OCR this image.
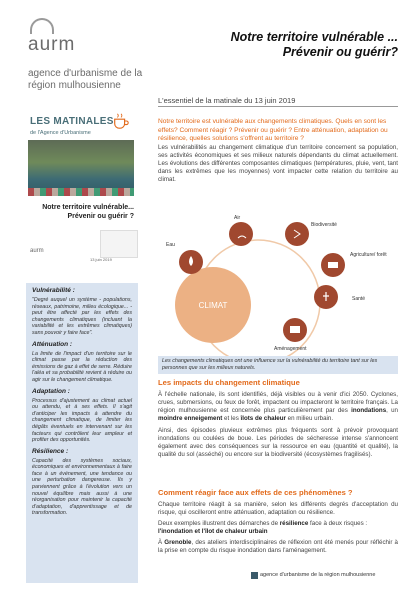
aurm
agence d'urbanisme de la région mulhousienne
Notre territoire vulnérable ...
Prévenir ou guérir?
L'essentiel de la matinale du 13 juin 2019
LES MATINALES
de l'Agence d'Urbanisme
Notre territoire vulnérable...
Prévenir ou guérir ?
aurm
13 juin 2019
Vulnérabilité :
"Degré auquel un système - populations, réseaux, patrimoine, milieu écologique... - peut être affecté par les effets des changements climatiques (incluant la variabilité et les extrêmes climatiques) sans pouvoir y faire face".
Atténuation :
La limite de l'impact d'un territoire sur le climat passe par la réduction des émissions de gaz à effet de serre. Réduire l'aléa et sa probabilité revient à réduire ou agir sur le changement climatique.
Adaptation :
Processus d'ajustement au climat actuel ou attendu, et à ses effets. Il s'agit d'anticiper les impacts à attendre du changement climatique, de limiter les dégâts éventuels en intervenant sur les facteurs qui contrôlent leur ampleur et profiter des opportunités.
Résilience :
Capacité des systèmes sociaux, économiques et environnementaux à faire face à un événement, une tendance ou une perturbation dangereuse. Ils y parviennent grâce à l'évolution vers un nouvel équilibre mais aussi à une réorganisation pour maintenir la capacité d'adaptation, d'apprentissage et de transformation.
Notre territoire est vulnérable aux changements climatiques. Quels en sont les effets? Comment réagir ? Prévenir ou guérir ? Entre atténuation, adaptation ou résilience, quelles solutions s'offrent au territoire ?
Les vulnérabilités au changement climatique d'un territoire concernent sa population, ses activités économiques et ses milieux naturels dépendants du climat actuellement. Les évolutions des différentes composantes climatiques (températures, pluie, vent, tant dans les extrêmes que les moyennes) vont impacter cette relation du territoire au climat.
CLIMAT
Air
Biodiversité
Eau
Agriculture/ forêt
Santé
Aménagement
Les changements climatiques ont une influence sur la vulnérabilité du territoire tant sur les personnes que sur les milieux naturels.
Les impacts du changement climatique
À l'échelle nationale, ils sont identifiés, déjà visibles ou à venir d'ici 2050. Cyclones, crues, submersions, ou feux de forêt, impactent ou impacteront le territoire français. La région mulhousienne est concernée plus particulièrement par des inondations, un moindre enneigement et les îlots de chaleur en milieu urbain.
Ainsi, des épisodes pluvieux extrêmes plus fréquents sont à prévoir provoquant inondations ou coulées de boue. Les périodes de sécheresse intense s'annoncent également avec des conséquences sur la ressource en eau (quantité et qualité), la qualité du sol (asséché) ou encore sur la biodiversité (écosystèmes fragilisés).
Comment réagir face aux effets de ces phénomènes ?
Chaque territoire réagit à sa manière, selon les différents degrés d'acceptation du risque, qui oscilleront entre atténuation, adaptation ou résilience.
Deux exemples illustrent des démarches de résilience face à deux risques :
l'inondation et l'îlot de chaleur urbain
À Grenoble, des ateliers interdisciplinaires de réflexion ont été menés pour réfléchir à la prise en compte du risque inondation dans l'aménagement.
agence d'urbanisme de la région mulhousienne
